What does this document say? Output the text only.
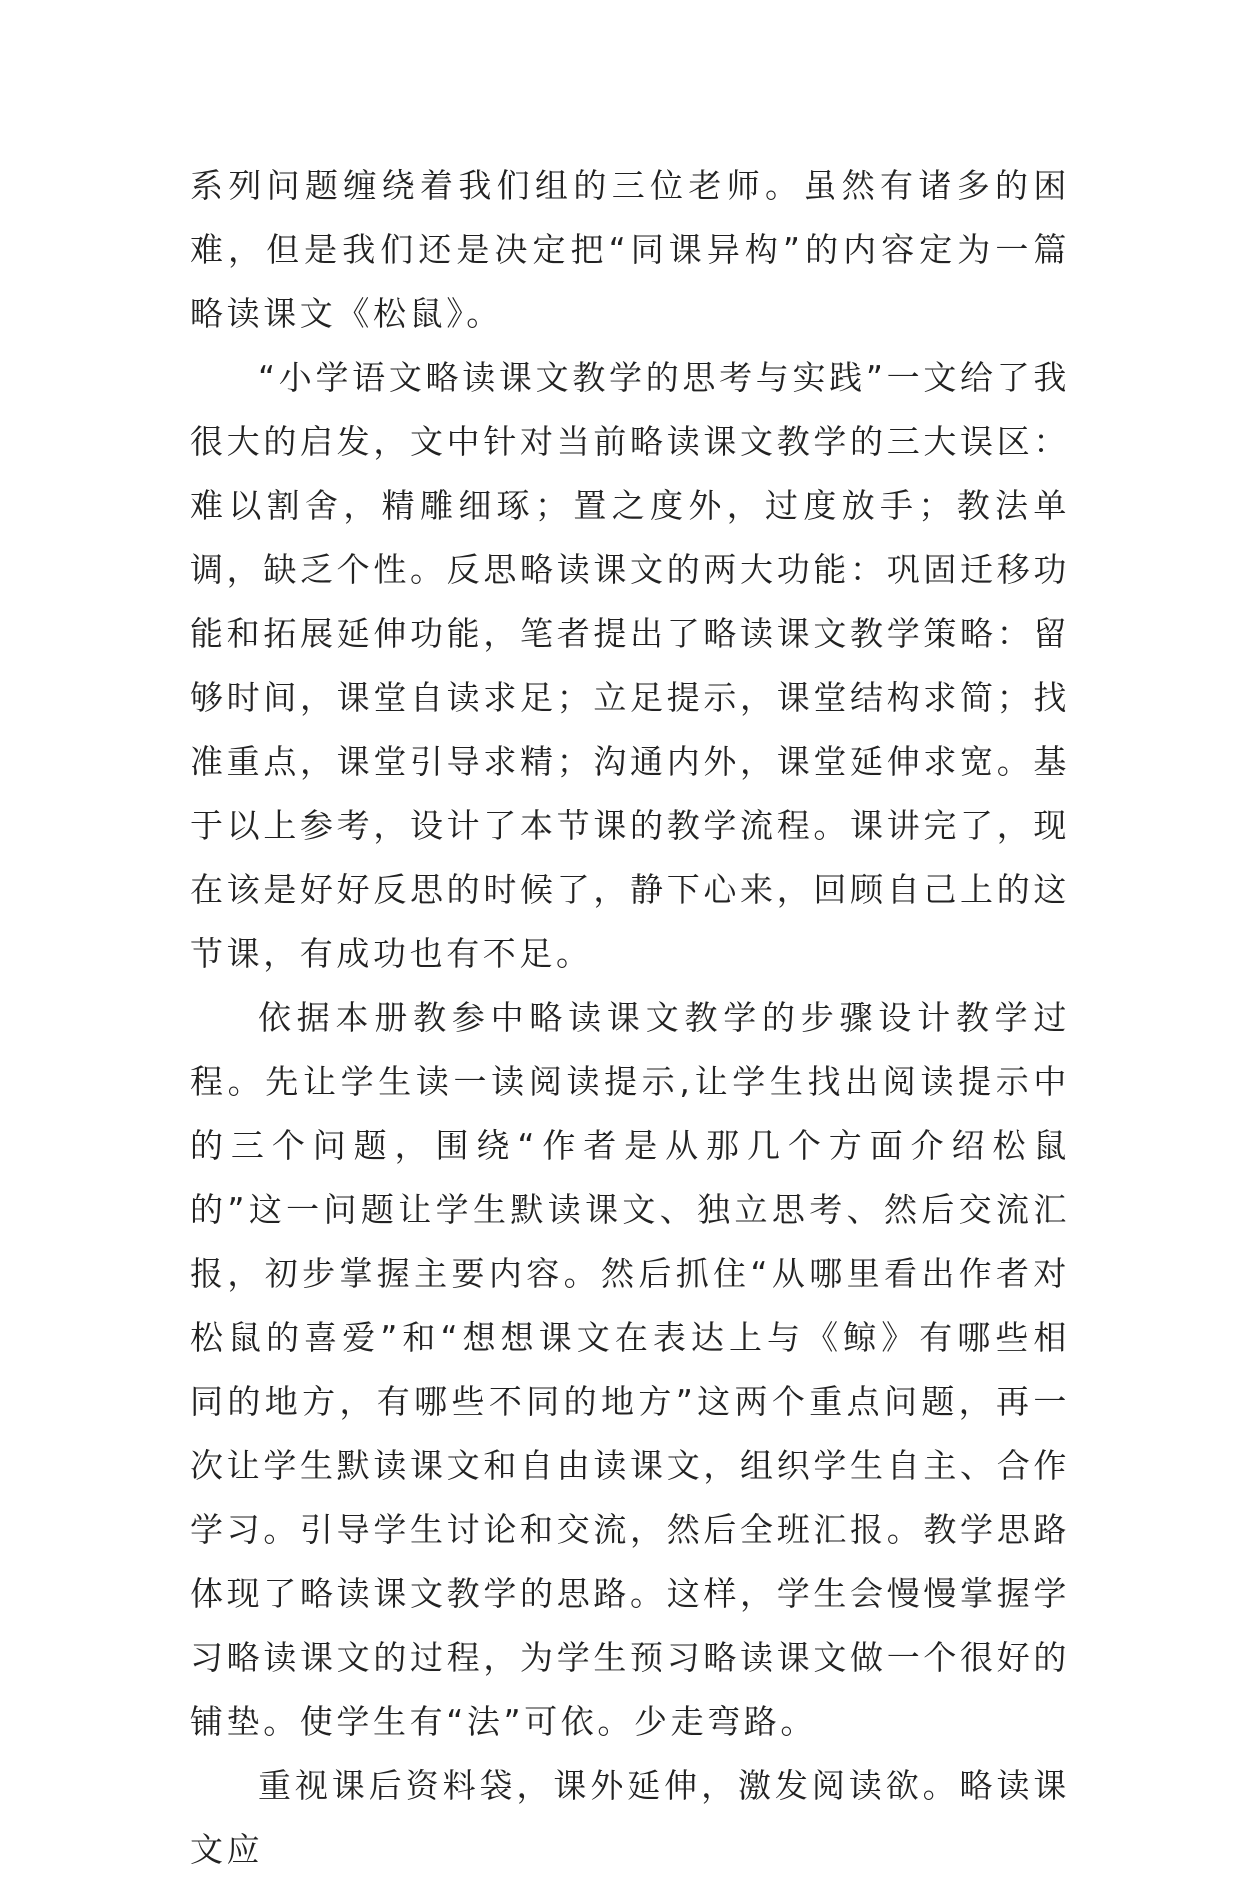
系列问题缠绕着我们组的三位老师。虽然有诸多的困难，但是我们还是决定把“同课异构”的内容定为一篇略读课文《松鼠》。

“小学语文略读课文教学的思考与实践”一文给了我很大的启发，文中针对当前略读课文教学的三大误区：难以割舍，精雕细琢；置之度外，过度放手；教法单调，缺乏个性。反思略读课文的两大功能：巩固迁移功能和拓展延伸功能，笔者提出了略读课文教学策略：留够时间，课堂自读求足；立足提示，课堂结构求简；找准重点，课堂引导求精；沟通内外，课堂延伸求宽。基于以上参考，设计了本节课的教学流程。课讲完了，现在该是好好反思的时候了，静下心来，回顾自己上的这节课，有成功也有不足。

依据本册教参中略读课文教学的步骤设计教学过程。先让学生读一读阅读提示,让学生找出阅读提示中的三个问题，围绕“作者是从那几个方面介绍松鼠的”这一问题让学生默读课文、独立思考、然后交流汇报，初步掌握主要内容。然后抓住“从哪里看出作者对松鼠的喜爱”和“想想课文在表达上与《鲸》有哪些相同的地方，有哪些不同的地方”这两个重点问题，再一次让学生默读课文和自由读课文，组织学生自主、合作学习。引导学生讨论和交流，然后全班汇报。教学思路体现了略读课文教学的思路。这样，学生会慢慢掌握学习略读课文的过程，为学生预习略读课文做一个很好的铺垫。使学生有“法”可依。少走弯路。

重视课后资料袋，课外延伸，激发阅读欲。略读课文应
